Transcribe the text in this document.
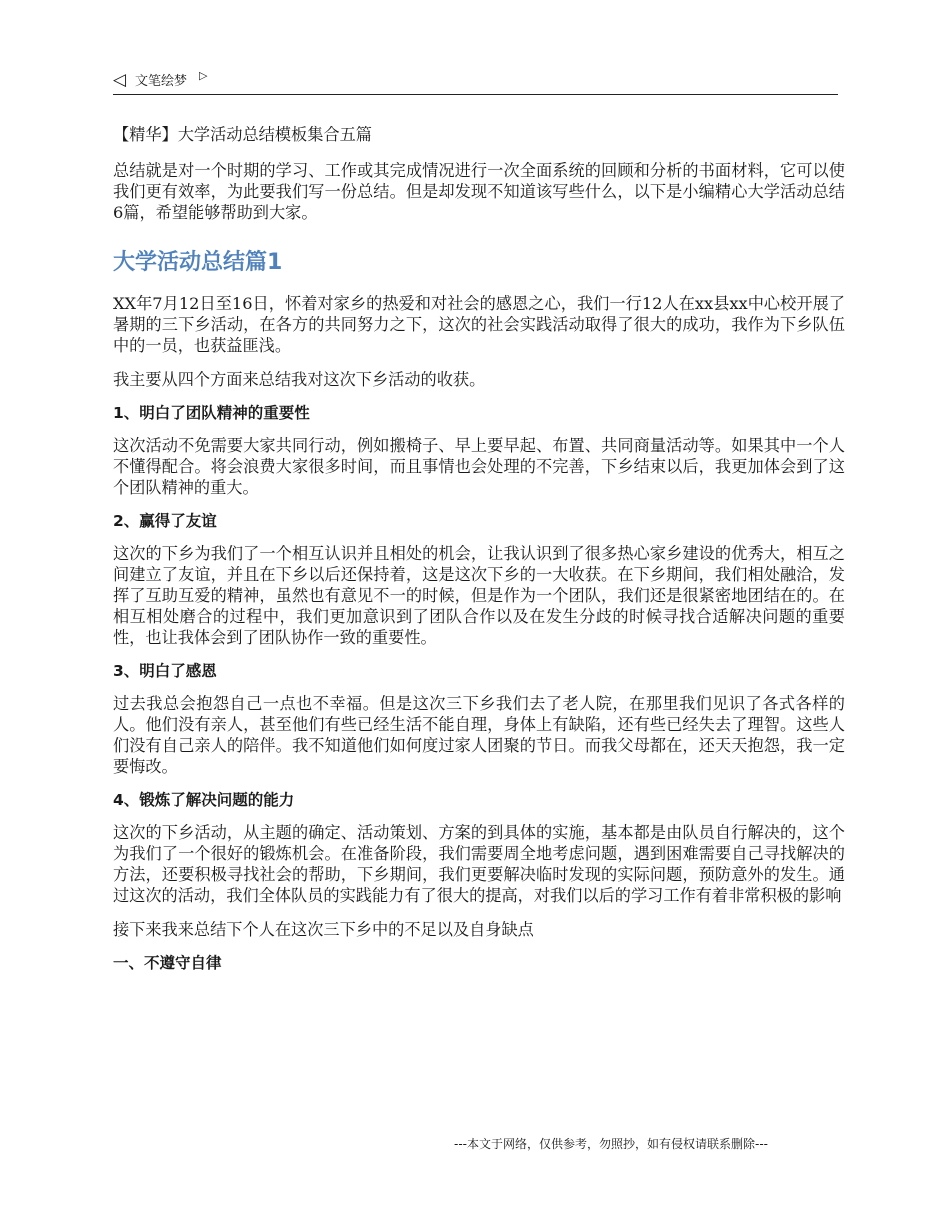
◁ 文笔绘梦 ▷

【精华】大学活动总结模板集合五篇

总结就是对一个时期的学习、工作或其完成情况进行一次全面系统的回顾和分析的书面材料，它可以使我们更有效率，为此要我们写一份总结。但是却发现不知道该写些什么，以下是小编精心大学活动总结6篇，希望能够帮助到大家。

大学活动总结篇1

XX年7月12日至16日，怀着对家乡的热爱和对社会的感恩之心，我们一行12人在xx县xx中心校开展了暑期的三下乡活动，在各方的共同努力之下，这次的社会实践活动取得了很大的成功，我作为下乡队伍中的一员，也获益匪浅。

我主要从四个方面来总结我对这次下乡活动的收获。

1、明白了团队精神的重要性

这次活动不免需要大家共同行动，例如搬椅子、早上要早起、布置、共同商量活动等。如果其中一个人不懂得配合。将会浪费大家很多时间，而且事情也会处理的不完善，下乡结束以后，我更加体会到了这个团队精神的重大。

2、赢得了友谊

这次的下乡为我们了一个相互认识并且相处的机会，让我认识到了很多热心家乡建设的优秀大，相互之间建立了友谊，并且在下乡以后还保持着，这是这次下乡的一大收获。在下乡期间，我们相处融洽，发挥了互助互爱的精神，虽然也有意见不一的时候，但是作为一个团队，我们还是很紧密地团结在的。在相互相处磨合的过程中，我们更加意识到了团队合作以及在发生分歧的时候寻找合适解决问题的重要性，也让我体会到了团队协作一致的重要性。

3、明白了感恩

过去我总会抱怨自己一点也不幸福。但是这次三下乡我们去了老人院，在那里我们见识了各式各样的人。他们没有亲人，甚至他们有些已经生活不能自理，身体上有缺陷，还有些已经失去了理智。这些人们没有自己亲人的陪伴。我不知道他们如何度过家人团聚的节日。而我父母都在，还天天抱怨，我一定要悔改。

4、锻炼了解决问题的能力

这次的下乡活动，从主题的确定、活动策划、方案的到具体的实施，基本都是由队员自行解决的，这个为我们了一个很好的锻炼机会。在准备阶段，我们需要周全地考虑问题，遇到困难需要自己寻找解决的方法，还要积极寻找社会的帮助，下乡期间，我们更要解决临时发现的实际问题，预防意外的发生。通过这次的活动，我们全体队员的实践能力有了很大的提高，对我们以后的学习工作有着非常积极的影响

接下来我来总结下个人在这次三下乡中的不足以及自身缺点

一、不遵守自律
---本文于网络，仅供参考，勿照抄，如有侵权请联系删除---
